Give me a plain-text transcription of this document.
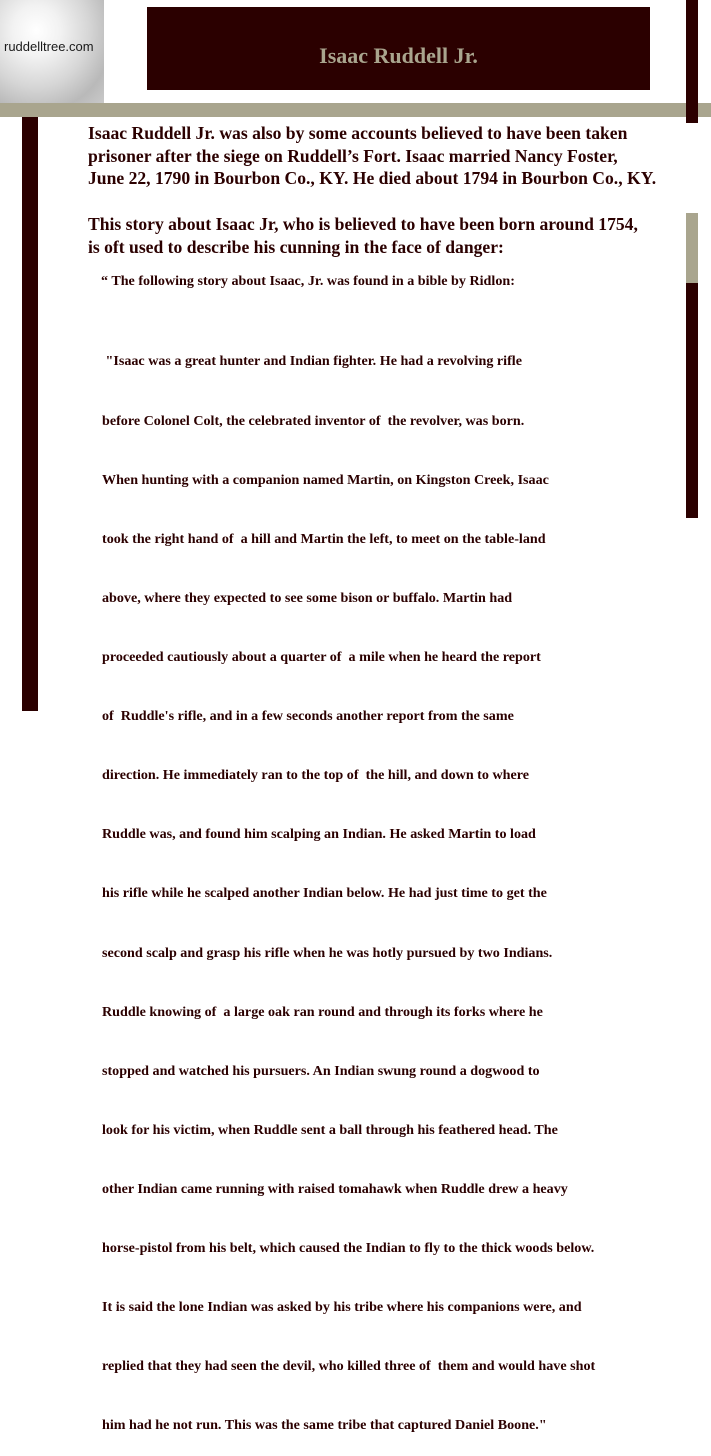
ruddelltree.com	Isaac Ruddell Jr.
Isaac Ruddell Jr. was also by some accounts believed to have been taken
prisoner after the siege on Ruddell’s Fort. Isaac married Nancy Foster,
June 22, 1790 in Bourbon Co., KY. He died about 1794 in Bourbon Co., KY.
This story about Isaac Jr, who is believed to have been born around 1754,
is oft used to describe his cunning in the face of danger:
“ The following story about Isaac, Jr. was found in a bible by Ridlon:

"Isaac was a great hunter and Indian fighter. He had a revolving rifle

before Colonel Colt, the celebrated inventor of  the revolver, was born.

When hunting with a companion named Martin, on Kingston Creek, Isaac

took the right hand of  a hill and Martin the left, to meet on the table-land

above, where they expected to see some bison or buffalo. Martin had

proceeded cautiously about a quarter of  a mile when he heard the report

of  Ruddle's rifle, and in a few seconds another report from the same

direction. He immediately ran to the top of  the hill, and down to where

Ruddle was, and found him scalping an Indian. He asked Martin to load

his rifle while he scalped another Indian below. He had just time to get the

second scalp and grasp his rifle when he was hotly pursued by two Indians.

Ruddle knowing of  a large oak ran round and through its forks where he

stopped and watched his pursuers. An Indian swung round a dogwood to

look for his victim, when Ruddle sent a ball through his feathered head. The

other Indian came running with raised tomahawk when Ruddle drew a heavy

horse-pistol from his belt, which caused the Indian to fly to the thick woods below.

It is said the lone Indian was asked by his tribe where his companions were, and

replied that they had seen the devil, who killed three of  them and would have shot

him had he not run. This was the same tribe that captured Daniel Boone."
